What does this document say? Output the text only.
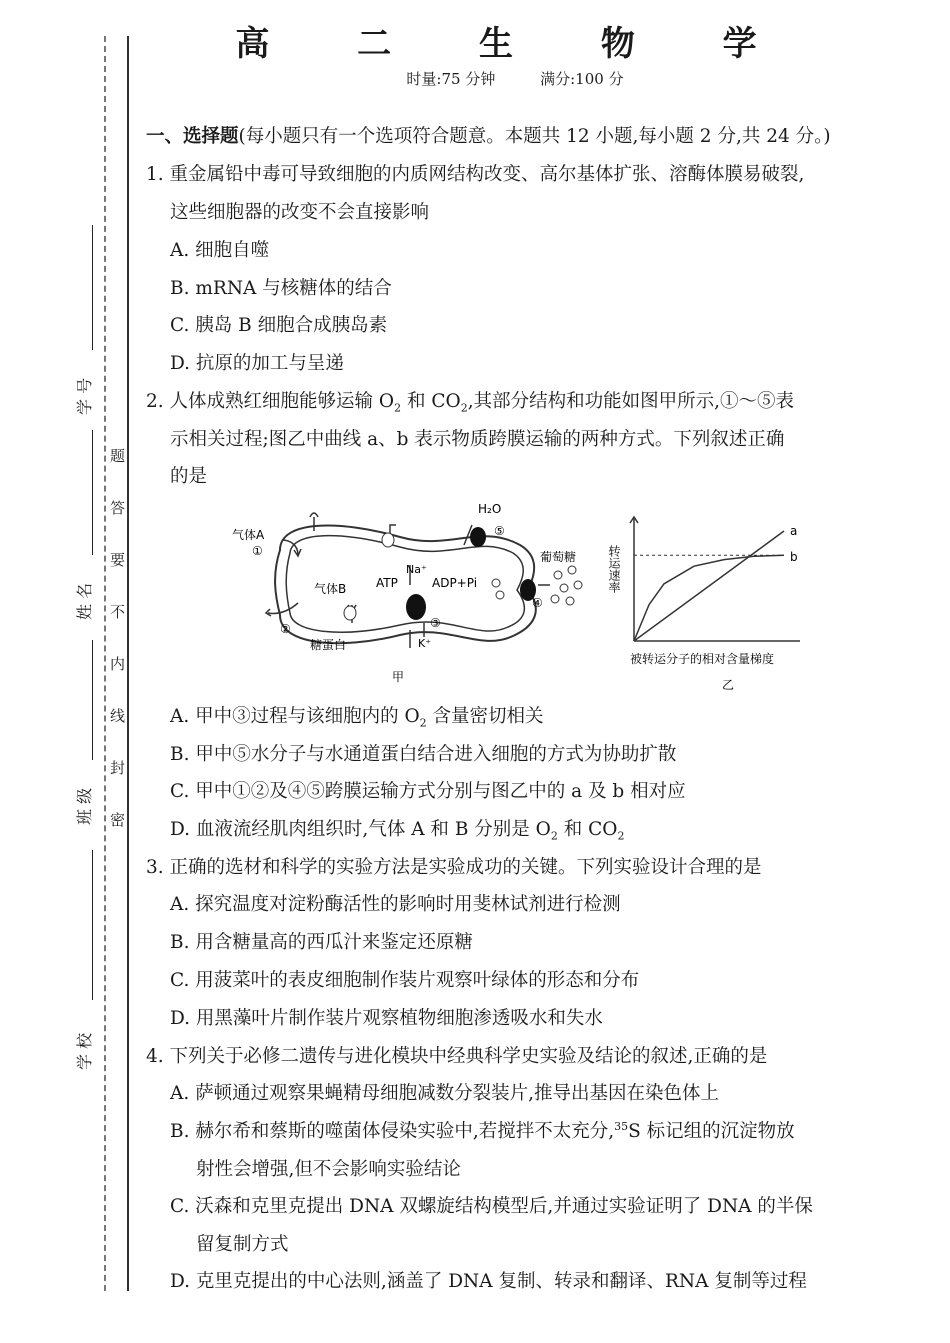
题
答
要
不
内
线
封
密
学 校
班 级
姓 名
学 号
高 二 生 物 学
时量:75 分钟	满分:100 分
一、选择题(每小题只有一个选项符合题意。本题共 12 小题,每小题 2 分,共 24 分。)
1. 重金属铅中毒可导致细胞的内质网结构改变、高尔基体扩张、溶酶体膜易破裂,
这些细胞器的改变不会直接影响
A. 细胞自噬
B. mRNA 与核糖体的结合
C. 胰岛 B 细胞合成胰岛素
D. 抗原的加工与呈递
2. 人体成熟红细胞能够运输 $O_2$ 和 $CO_2$,其部分结构和功能如图甲所示,①～⑤表
示相关过程;图乙中曲线 a、b 表示物质跨膜运输的两种方式。下列叙述正确
的是
气体A
①
气体B
②
H₂O
⑤
Na⁺
ATP	ADP+Pi
③
K⁺
④
糖蛋白
葡萄糖
甲
转运速率
被转运分子的相对含量梯度
乙
a
b
A. 甲中③过程与该细胞内的 $O_2$ 含量密切相关
B. 甲中⑤水分子与水通道蛋白结合进入细胞的方式为协助扩散
C. 甲中①②及④⑤跨膜运输方式分别与图乙中的 a 及 b 相对应
D. 血液流经肌肉组织时,气体 A 和 B 分别是 $O_2$ 和 $CO_2$
3. 正确的选材和科学的实验方法是实验成功的关键。下列实验设计合理的是
A. 探究温度对淀粉酶活性的影响时用斐林试剂进行检测
B. 用含糖量高的西瓜汁来鉴定还原糖
C. 用菠菜叶的表皮细胞制作装片观察叶绿体的形态和分布
D. 用黑藻叶片制作装片观察植物细胞渗透吸水和失水
4. 下列关于必修二遗传与进化模块中经典科学史实验及结论的叙述,正确的是
A. 萨顿通过观察果蝇精母细胞减数分裂装片,推导出基因在染色体上
B. 赫尔希和蔡斯的噬菌体侵染实验中,若搅拌不太充分,$^{35}$S 标记组的沉淀物放
射性会增强,但不会影响实验结论
C. 沃森和克里克提出 DNA 双螺旋结构模型后,并通过实验证明了 DNA 的半保
留复制方式
D. 克里克提出的中心法则,涵盖了 DNA 复制、转录和翻译、RNA 复制等过程
